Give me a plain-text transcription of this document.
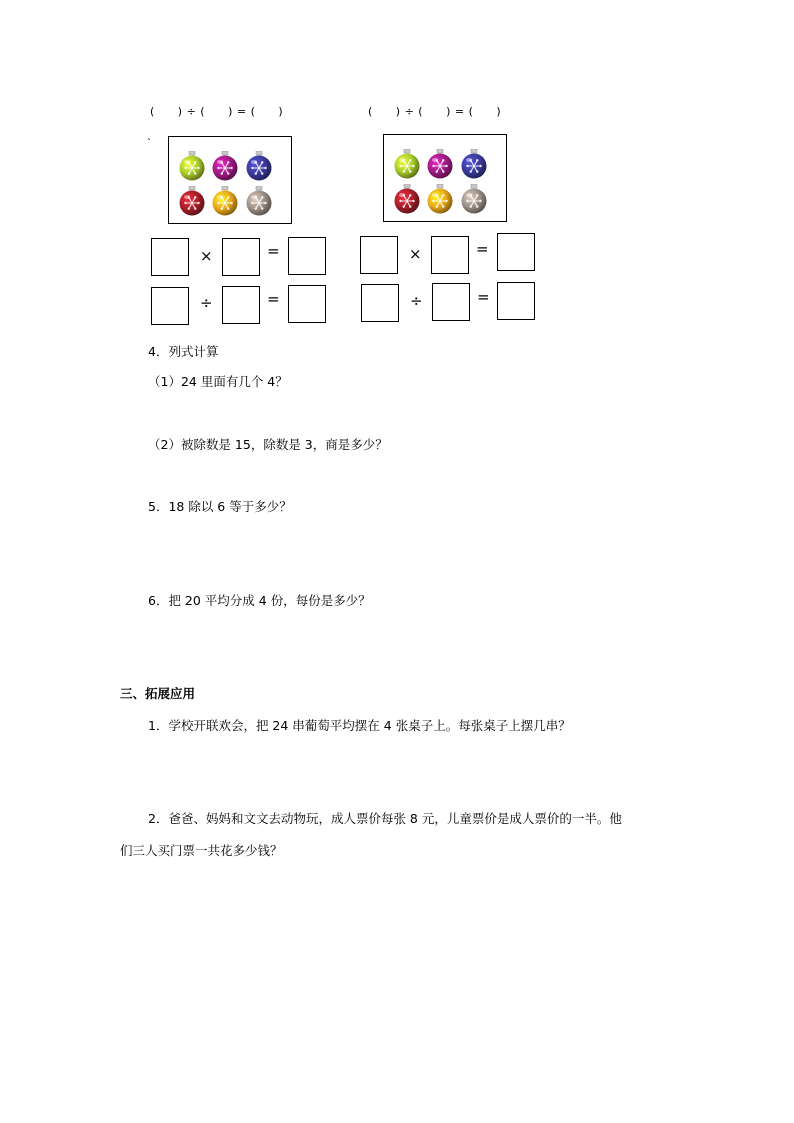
(　　) ÷ (　　) = (　　)	(　　) ÷ (　　) = (　　)
`
×	=
÷	=
×	=
÷	=
4．列式计算
（1）24 里面有几个 4？
（2）被除数是 15，除数是 3，商是多少？
5．18 除以 6 等于多少？
6．把 20 平均分成 4 份，每份是多少？
三、拓展应用
1．学校开联欢会，把 24 串葡萄平均摆在 4 张桌子上。每张桌子上摆几串？
2．爸爸、妈妈和文文去动物玩，成人票价每张 8 元，儿童票价是成人票价的一半。他
们三人买门票一共花多少钱？
